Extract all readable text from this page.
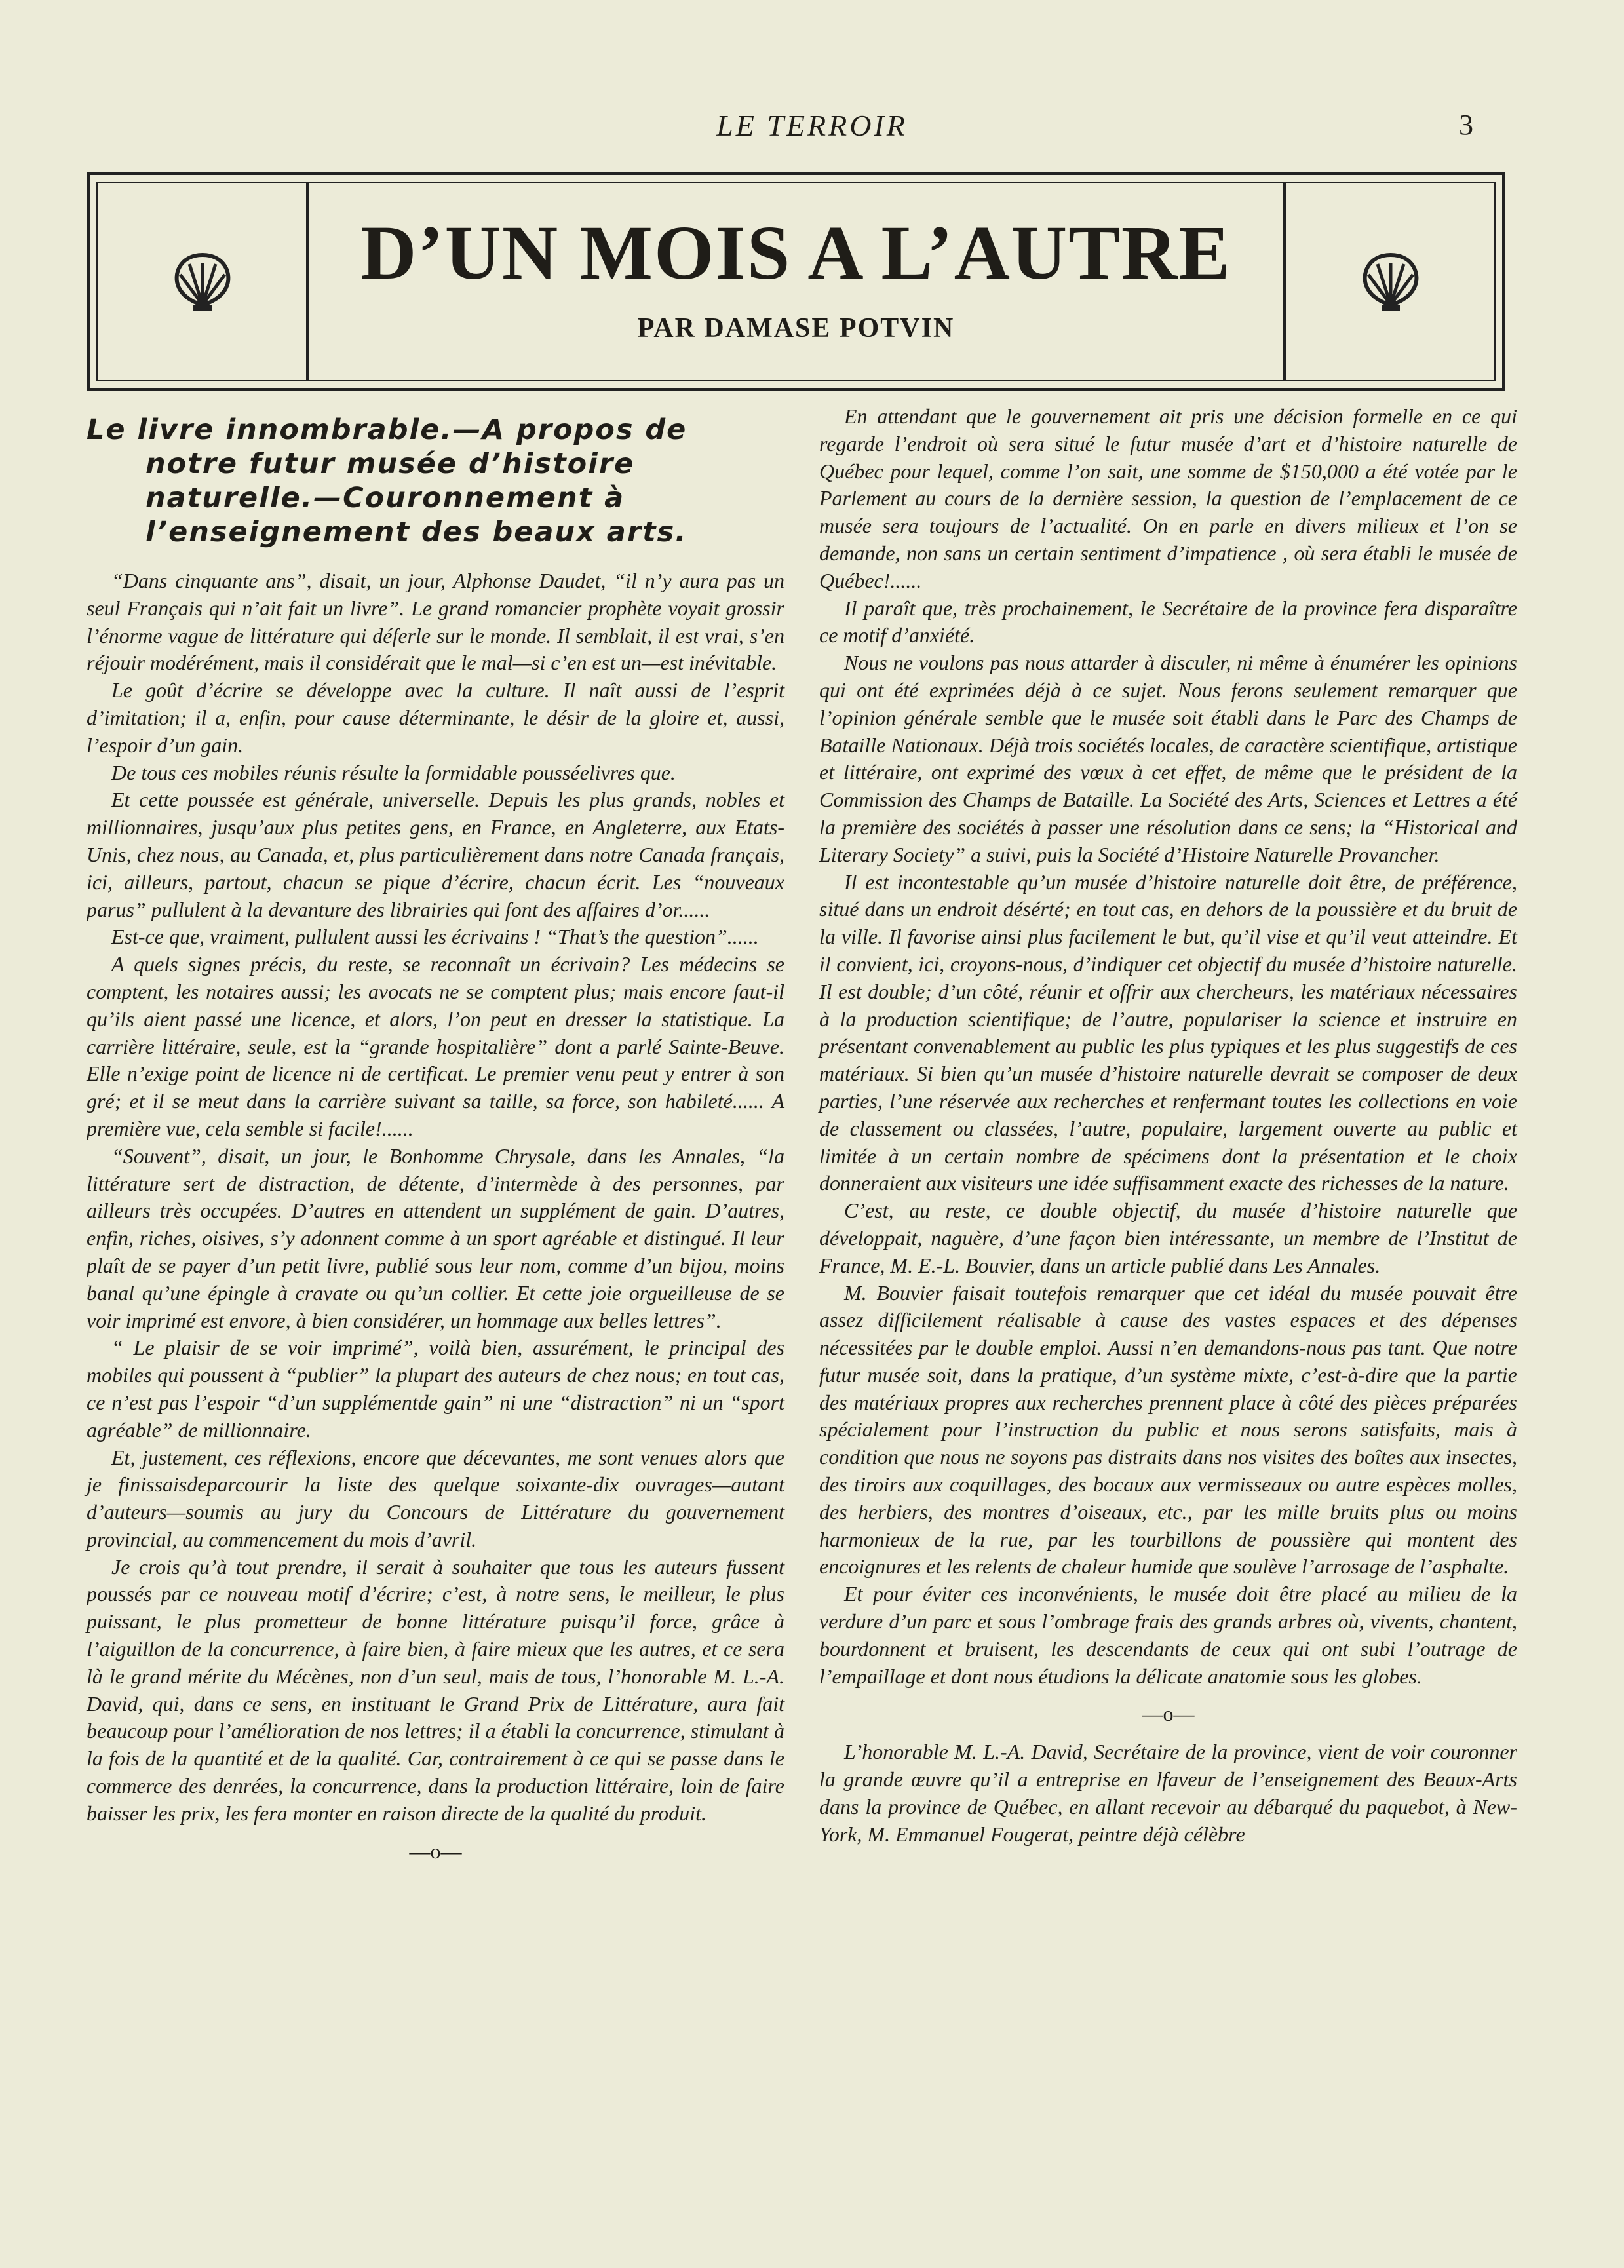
LE TERROIR	3
D’UN MOIS A L’AUTRE
PAR DAMASE POTVIN
Le livre innombrable.—A propos de notre futur musée d’histoire naturelle.—Couronnement à l’enseignement des beaux arts.

“Dans cinquante ans”, disait, un jour, Alphonse Daudet, “il n’y aura pas un seul Français qui n’ait fait un livre”. Le grand romancier prophète voyait grossir l’énorme vague de littérature qui déferle sur le monde. Il semblait, il est vrai, s’en réjouir modérément, mais il considérait que le mal—si c’en est un—est inévitable.

Le goût d’écrire se développe avec la culture. Il naît aussi de l’esprit d’imitation; il a, enfin, pour cause déterminante, le désir de la gloire et, aussi, l’espoir d’un gain.

De tous ces mobiles réunis résulte la formidable pousséelivres que.

Et cette poussée est générale, universelle. Depuis les plus grands, nobles et millionnaires, jusqu’aux plus petites gens, en France, en Angleterre, aux Etats-Unis, chez nous, au Canada, et, plus particulièrement dans notre Canada français, ici, ailleurs, partout, chacun se pique d’écrire, chacun écrit. Les “nouveaux parus” pullulent à la devanture des librairies qui font des affaires d’or......

Est-ce que, vraiment, pullulent aussi les écrivains ! “That’s the question”......

A quels signes précis, du reste, se reconnaît un écrivain? Les médecins se comptent, les notaires aussi; les avocats ne se comptent plus; mais encore faut-il qu’ils aient passé une licence, et alors, l’on peut en dresser la statistique. La carrière littéraire, seule, est la “grande hospitalière” dont a parlé Sainte-Beuve. Elle n’exige point de licence ni de certificat. Le premier venu peut y entrer à son gré; et il se meut dans la carrière suivant sa taille, sa force, son habileté...... A première vue, cela semble si facile!......

“Souvent”, disait, un jour, le Bonhomme Chrysale, dans les Annales, “la littérature sert de distraction, de détente, d’intermède à des personnes, par ailleurs très occupées. D’autres en attendent un supplément de gain. D’autres, enfin, riches, oisives, s’y adonnent comme à un sport agréable et distingué. Il leur plaît de se payer d’un petit livre, publié sous leur nom, comme d’un bijou, moins banal qu’une épingle à cravate ou qu’un collier. Et cette joie orgueilleuse de se voir imprimé est envore, à bien considérer, un hommage aux belles lettres”.

“ Le plaisir de se voir imprimé”, voilà bien, assurément, le principal des mobiles qui poussent à “publier” la plupart des auteurs de chez nous; en tout cas, ce n’est pas l’espoir “d’un supplémentde gain” ni une “distraction” ni un “sport agréable” de millionnaire.

Et, justement, ces réflexions, encore que décevantes, me sont venues alors que je finissaisdeparcourir la liste des quelque soixante-dix ouvrages—autant d’auteurs—soumis au jury du Concours de Littérature du gouvernement provincial, au commencement du mois d’avril.

Je crois qu’à tout prendre, il serait à souhaiter que tous les auteurs fussent poussés par ce nouveau motif d’écrire; c’est, à notre sens, le meilleur, le plus puissant, le plus prometteur de bonne littérature puisqu’il force, grâce à l’aiguillon de la concurrence, à faire bien, à faire mieux que les autres, et ce sera là le grand mérite du Mécènes, non d’un seul, mais de tous, l’honorable M. L.-A. David, qui, dans ce sens, en instituant le Grand Prix de Littérature, aura fait beaucoup pour l’amélioration de nos lettres; il a établi la concurrence, stimulant à la fois de la quantité et de la qualité. Car, contrairement à ce qui se passe dans le commerce des denrées, la concurrence, dans la production littéraire, loin de faire baisser les prix, les fera monter en raison directe de la qualité du produit.

—o—

En attendant que le gouvernement ait pris une décision formelle en ce qui regarde l’endroit où sera situé le futur musée d’art et d’histoire naturelle de Québec pour lequel, comme l’on sait, une somme de $150,000 a été votée par le Parlement au cours de la dernière session, la question de l’emplacement de ce musée sera toujours de l’actualité. On en parle en divers milieux et l’on se demande, non sans un certain sentiment d’impatience , où sera établi le musée de Québec!......

Il paraît que, très prochainement, le Secrétaire de la province fera disparaître ce motif d’anxiété.

Nous ne voulons pas nous attarder à disculer, ni même à énumérer les opinions qui ont été exprimées déjà à ce sujet. Nous ferons seulement remarquer que l’opinion générale semble que le musée soit établi dans le Parc des Champs de Bataille Nationaux. Déjà trois sociétés locales, de caractère scientifique, artistique et littéraire, ont exprimé des vœux à cet effet, de même que le président de la Commission des Champs de Bataille. La Société des Arts, Sciences et Lettres a été la première des sociétés à passer une résolution dans ce sens; la “Historical and Literary Society” a suivi, puis la Société d’Histoire Naturelle Provancher.

Il est incontestable qu’un musée d’histoire naturelle doit être, de préférence, situé dans un endroit désérté; en tout cas, en dehors de la poussière et du bruit de la ville. Il favorise ainsi plus facilement le but, qu’il vise et qu’il veut atteindre. Et il convient, ici, croyons-nous, d’indiquer cet objectif du musée d’histoire naturelle. Il est double; d’un côté, réunir et offrir aux chercheurs, les matériaux nécessaires à la production scientifique; de l’autre, populariser la science et instruire en présentant convenablement au public les plus typiques et les plus suggestifs de ces matériaux. Si bien qu’un musée d’histoire naturelle devrait se composer de deux parties, l’une réservée aux recherches et renfermant toutes les collections en voie de classement ou classées, l’autre, populaire, largement ouverte au public et limitée à un certain nombre de spécimens dont la présentation et le choix donneraient aux visiteurs une idée suffisamment exacte des richesses de la nature.

C’est, au reste, ce double objectif, du musée d’histoire naturelle que développait, naguère, d’une façon bien intéressante, un membre de l’Institut de France, M. E.-L. Bouvier, dans un article publié dans Les Annales.

M. Bouvier faisait toutefois remarquer que cet idéal du musée pouvait être assez difficilement réalisable à cause des vastes espaces et des dépenses nécessitées par le double emploi. Aussi n’en demandons-nous pas tant. Que notre futur musée soit, dans la pratique, d’un système mixte, c’est-à-dire que la partie des matériaux propres aux recherches prennent place à côté des pièces préparées spécialement pour l’instruction du public et nous serons satisfaits, mais à condition que nous ne soyons pas distraits dans nos visites des boîtes aux insectes, des tiroirs aux coquillages, des bocaux aux vermisseaux ou autre espèces molles, des herbiers, des montres d’oiseaux, etc., par les mille bruits plus ou moins harmonieux de la rue, par les tourbillons de poussière qui montent des encoignures et les relents de chaleur humide que soulève l’arrosage de l’asphalte.

Et pour éviter ces inconvénients, le musée doit être placé au milieu de la verdure d’un parc et sous l’ombrage frais des grands arbres où, vivents, chantent, bourdonnent et bruisent, les descendants de ceux qui ont subi l’outrage de l’empaillage et dont nous étudions la délicate anatomie sous les globes.

—o—

L’honorable M. L.-A. David, Secrétaire de la province, vient de voir couronner la grande œuvre qu’il a entreprise en lfaveur de l’enseignement des Beaux-Arts dans la province de Québec, en allant recevoir au débarqué du paquebot, à New-York, M. Emmanuel Fougerat, peintre déjà célèbre
